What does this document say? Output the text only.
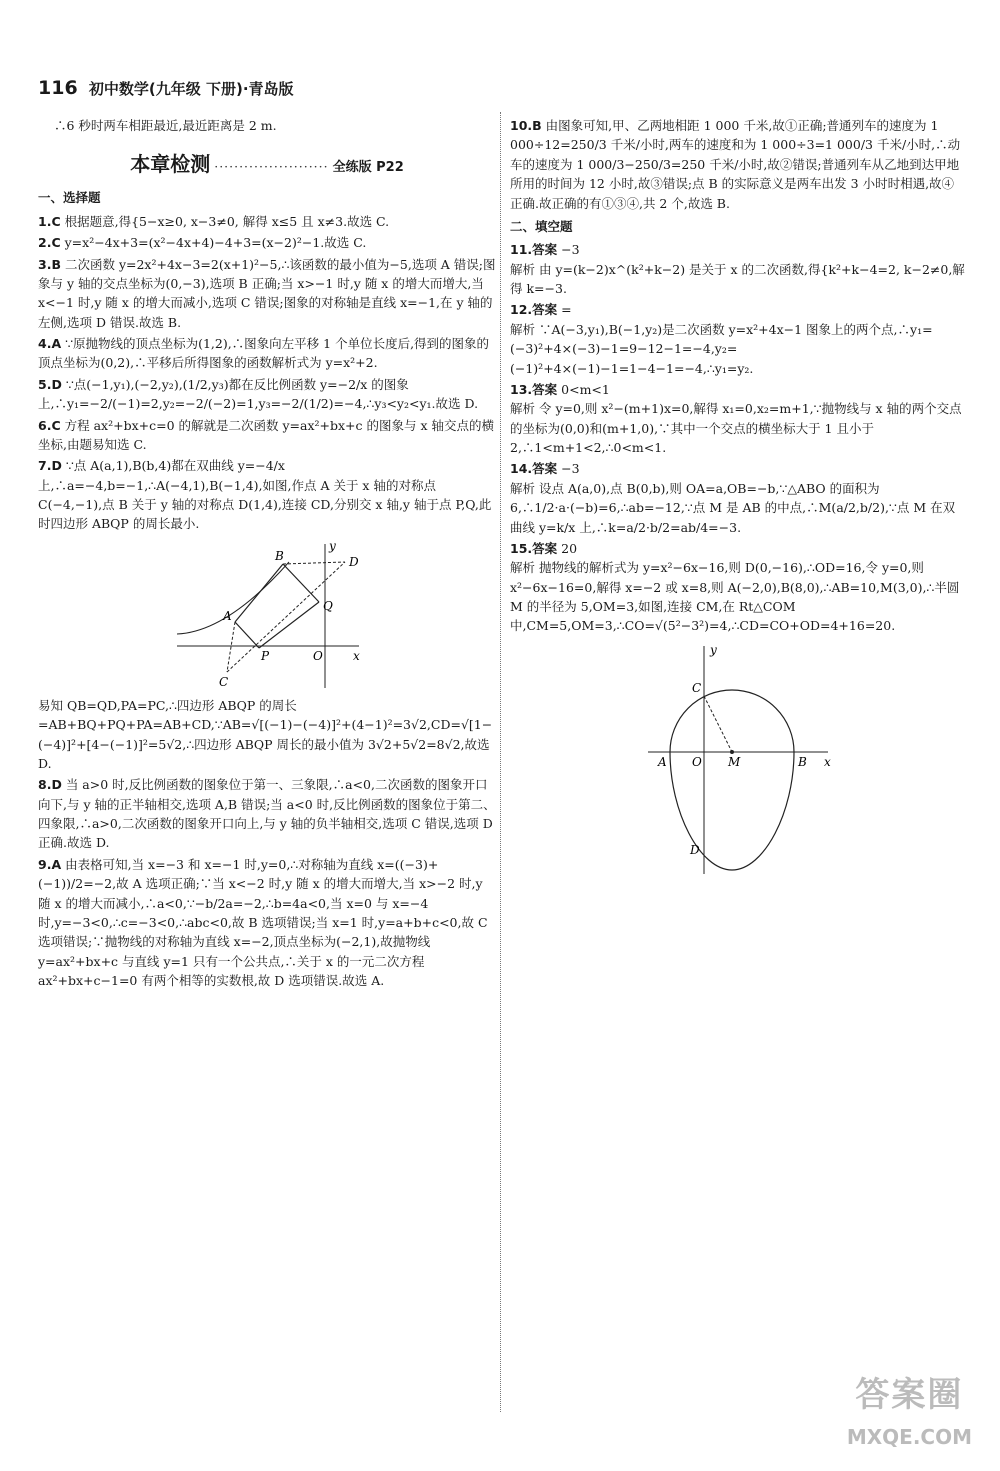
116 初中数学(九年级 下册)·青岛版

∴6 秒时两车相距最近,最近距离是 2 m.

本章检测 ······················· 全练版 P22
一、选择题

1.C 根据题意,得{5−x≥0, x−3≠0, 解得 x≤5 且 x≠3.故选 C.

2.C y=x²−4x+3=(x²−4x+4)−4+3=(x−2)²−1.故选 C.

3.B 二次函数 y=2x²+4x−3=2(x+1)²−5,∴该函数的最小值为−5,选项 A 错误;图象与 y 轴的交点坐标为(0,−3),选项 B 正确;当 x>−1 时,y 随 x 的增大而增大,当 x<−1 时,y 随 x 的增大而减小,选项 C 错误;图象的对称轴是直线 x=−1,在 y 轴的左侧,选项 D 错误.故选 B.

4.A ∵原抛物线的顶点坐标为(1,2),∴图象向左平移 1 个单位长度后,得到的图象的顶点坐标为(0,2),∴平移后所得图象的函数解析式为 y=x²+2.

5.D ∵点(−1,y₁),(−2,y₂),(1/2,y₃)都在反比例函数 y=−2/x 的图象上,∴y₁=−2/(−1)=2,y₂=−2/(−2)=1,y₃=−2/(1/2)=−4,∴y₃<y₂<y₁.故选 D.

6.C 方程 ax²+bx+c=0 的解就是二次函数 y=ax²+bx+c 的图象与 x 轴交点的横坐标,由题易知选 C.

7.D ∵点 A(a,1),B(b,4)都在双曲线 y=−4/x 上,∴a=−4,b=−1,∴A(−4,1),B(−1,4),如图,作点 A 关于 x 轴的对称点 C(−4,−1),点 B 关于 y 轴的对称点 D(1,4),连接 CD,分别交 x 轴,y 轴于点 P,Q,此时四边形 ABQP 的周长最小.

A
B
C
D
P
Q
O	x
y

易知 QB=QD,PA=PC,∴四边形 ABQP 的周长=AB+BQ+PQ+PA=AB+CD,∵AB=√[(−1)−(−4)]²+(4−1)²=3√2,CD=√[1−(−4)]²+[4−(−1)]²=5√2,∴四边形 ABQP 周长的最小值为 3√2+5√2=8√2,故选 D.

8.D 当 a>0 时,反比例函数的图象位于第一、三象限,∴a<0,二次函数的图象开口向下,与 y 轴的正半轴相交,选项 A,B 错误;当 a<0 时,反比例函数的图象位于第二、四象限,∴a>0,二次函数的图象开口向上,与 y 轴的负半轴相交,选项 C 错误,选项 D 正确.故选 D.

9.A 由表格可知,当 x=−3 和 x=−1 时,y=0,∴对称轴为直线 x=((−3)+(−1))/2=−2,故 A 选项正确;∵当 x<−2 时,y 随 x 的增大而增大,当 x>−2 时,y 随 x 的增大而减小,∴a<0,∵−b/2a=−2,∴b=4a<0,当 x=0 与 x=−4 时,y=−3<0,∴c=−3<0,∴abc<0,故 B 选项错误;当 x=1 时,y=a+b+c<0,故 C 选项错误;∵抛物线的对称轴为直线 x=−2,顶点坐标为(−2,1),故抛物线 y=ax²+bx+c 与直线 y=1 只有一个公共点,∴关于 x 的一元二次方程 ax²+bx+c−1=0 有两个相等的实数根,故 D 选项错误.故选 A.

10.B 由图象可知,甲、乙两地相距 1 000 千米,故①正确;普通列车的速度为 1 000÷12=250/3 千米/小时,两车的速度和为 1 000÷3=1 000/3 千米/小时,∴动车的速度为 1 000/3−250/3=250 千米/小时,故②错误;普通列车从乙地到达甲地所用的时间为 12 小时,故③错误;点 B 的实际意义是两车出发 3 小时时相遇,故④正确.故正确的有①③④,共 2 个,故选 B.

二、填空题

11.答案 −3
解析 由 y=(k−2)x^(k²+k−2) 是关于 x 的二次函数,得{k²+k−4=2, k−2≠0,解得 k=−3.

12.答案 =
解析 ∵A(−3,y₁),B(−1,y₂)是二次函数 y=x²+4x−1 图象上的两个点,∴y₁=(−3)²+4×(−3)−1=9−12−1=−4,y₂=(−1)²+4×(−1)−1=1−4−1=−4,∴y₁=y₂.

13.答案 0<m<1
解析 令 y=0,则 x²−(m+1)x=0,解得 x₁=0,x₂=m+1,∵抛物线与 x 轴的两个交点的坐标为(0,0)和(m+1,0),∵其中一个交点的横坐标大于 1 且小于 2,∴1<m+1<2,∴0<m<1.

14.答案 −3
解析 设点 A(a,0),点 B(0,b),则 OA=a,OB=−b,∵△ABO 的面积为 6,∴1/2·a·(−b)=6,∴ab=−12,∵点 M 是 AB 的中点,∴M(a/2,b/2),∵点 M 在双曲线 y=k/x 上,∴k=a/2·b/2=ab/4=−3.

15.答案 20
解析 抛物线的解析式为 y=x²−6x−16,则 D(0,−16),∴OD=16,令 y=0,则 x²−6x−16=0,解得 x=−2 或 x=8,则 A(−2,0),B(8,0),∴AB=10,M(3,0),∴半圆 M 的半径为 5,OM=3,如图,连接 CM,在 Rt△COM 中,CM=5,OM=3,∴CO=√(5²−3²)=4,∴CD=CO+OD=4+16=20.

A	B
C
D
M
O	x
y
答案圈
MXQE.COM
